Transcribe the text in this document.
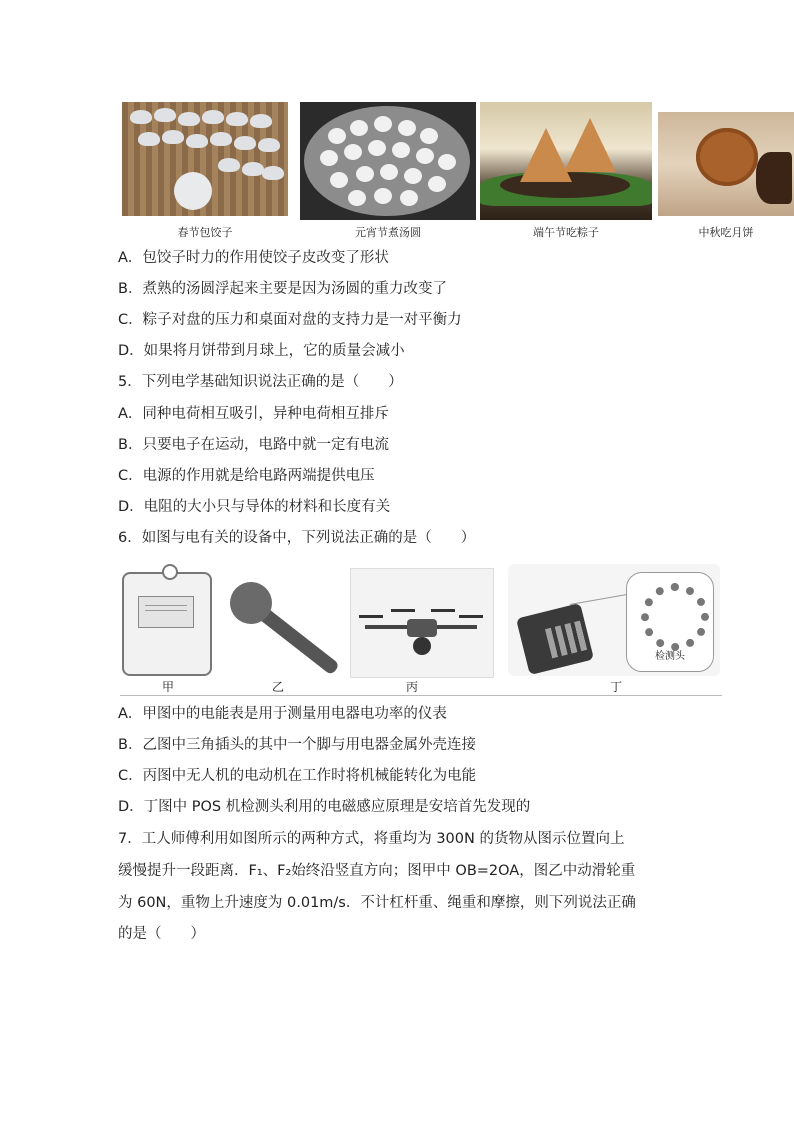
春节包饺子	元宵节煮汤圆	端午节吃粽子	中秋吃月饼
A．包饺子时力的作用使饺子皮改变了形状
B．煮熟的汤圆浮起来主要是因为汤圆的重力改变了
C．粽子对盘的压力和桌面对盘的支持力是一对平衡力
D．如果将月饼带到月球上，它的质量会减小
5．下列电学基础知识说法正确的是（　　）
A．同种电荷相互吸引，异种电荷相互排斥
B．只要电子在运动，电路中就一定有电流
C．电源的作用就是给电路两端提供电压
D．电阻的大小只与导体的材料和长度有关
6．如图与电有关的设备中，下列说法正确的是（　　）
检测头
甲	乙	丙	丁
A．甲图中的电能表是用于测量用电器电功率的仪表
B．乙图中三角插头的其中一个脚与用电器金属外壳连接
C．丙图中无人机的电动机在工作时将机械能转化为电能
D．丁图中 POS 机检测头利用的电磁感应原理是安培首先发现的
7．工人师傅利用如图所示的两种方式，将重均为 300N 的货物从图示位置向上
缓慢提升一段距离．F₁、F₂始终沿竖直方向；图甲中 OB=2OA，图乙中动滑轮重
为 60N，重物上升速度为 0.01m/s．不计杠杆重、绳重和摩擦，则下列说法正确
的是（　　）
